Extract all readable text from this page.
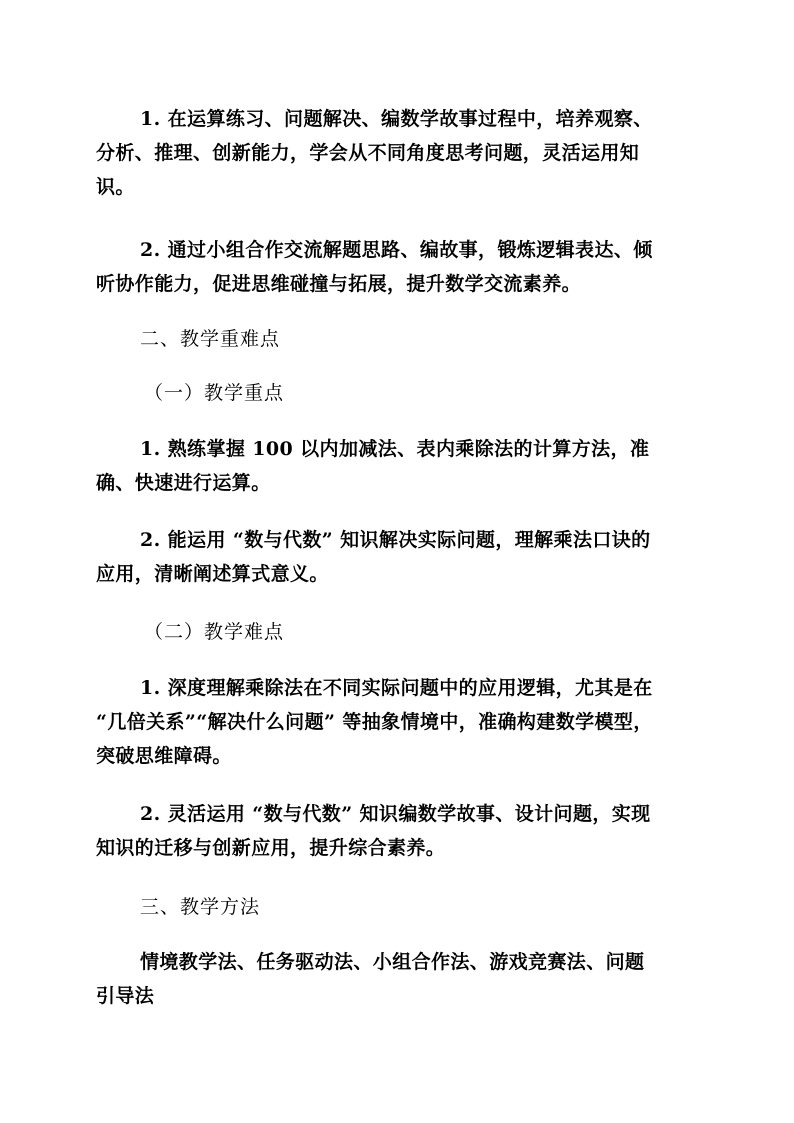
1. 在运算练习、问题解决、编数学故事过程中，培养观察、
分析、推理、创新能力，学会从不同角度思考问题，灵活运用知
识。
2. 通过小组合作交流解题思路、编故事，锻炼逻辑表达、倾
听协作能力，促进思维碰撞与拓展，提升数学交流素养。
二、教学重难点
（一）教学重点
1. 熟练掌握 100 以内加减法、表内乘除法的计算方法，准
确、快速进行运算。
2. 能运用 “数与代数” 知识解决实际问题，理解乘法口诀的
应用，清晰阐述算式意义。
（二）教学难点
1. 深度理解乘除法在不同实际问题中的应用逻辑，尤其是在
“几倍关系”“解决什么问题” 等抽象情境中，准确构建数学模型，
突破思维障碍。
2. 灵活运用 “数与代数” 知识编数学故事、设计问题，实现
知识的迁移与创新应用，提升综合素养。
三、教学方法
情境教学法、任务驱动法、小组合作法、游戏竞赛法、问题
引导法
